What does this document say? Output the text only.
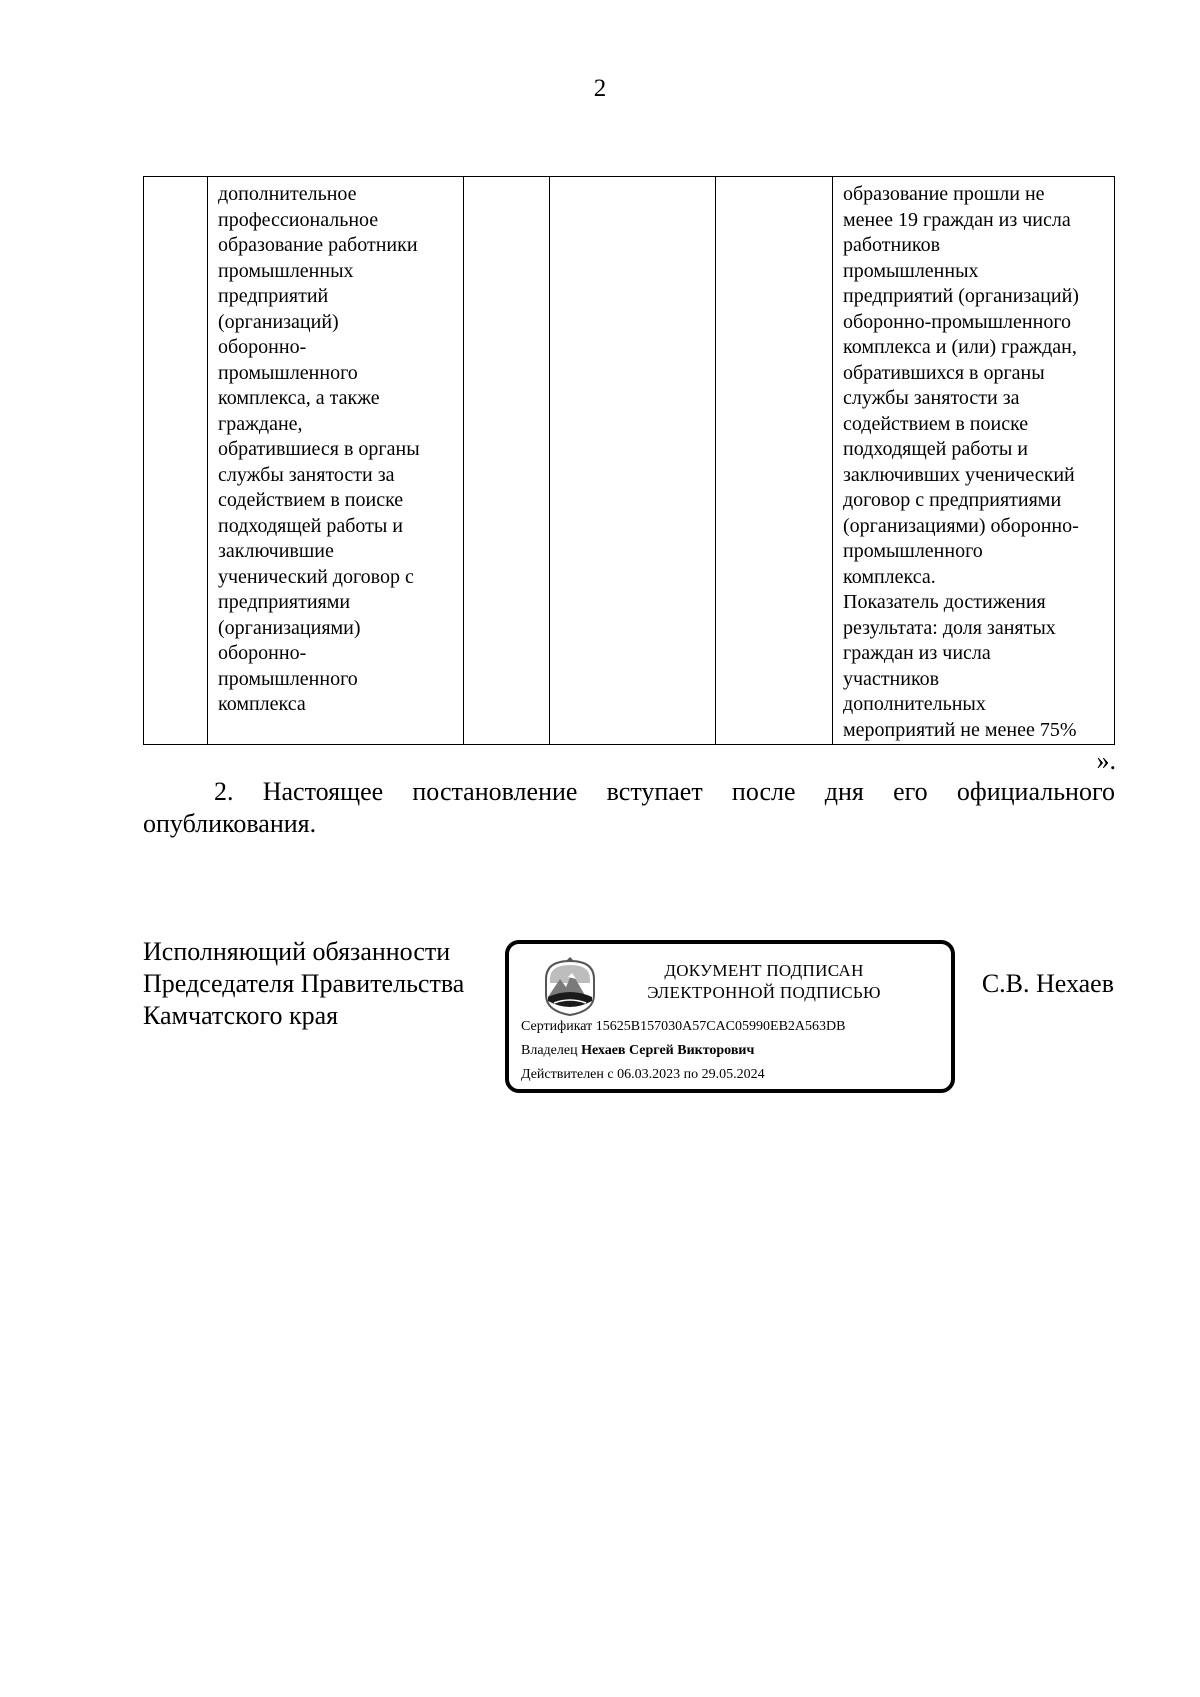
2
	дополнительное
профессиональное
образование работники
промышленных
предприятий
(организаций)
оборонно-
промышленного
комплекса, а также
граждане,
обратившиеся в органы
службы занятости за
содействием в поиске
подходящей работы и
заключившие
ученический договор с
предприятиями
(организациями)
оборонно-
промышленного
комплекса				образование прошли не
менее 19 граждан из числа
работников
промышленных
предприятий (организаций)
оборонно-промышленного
комплекса и (или) граждан,
обратившихся в органы
службы занятости за
содействием в поиске
подходящей работы и
заключивших ученический
договор с предприятиями
(организациями) оборонно-
промышленного
комплекса.
Показатель достижения
результата: доля занятых
граждан из числа
участников
дополнительных
мероприятий не менее 75%
».
2. Настоящее постановление вступает после дня его официального опубликования.
Исполняющий обязанности
Председателя Правительства
Камчатского края
ДОКУМЕНТ ПОДПИСАН
ЭЛЕКТРОННОЙ ПОДПИСЬЮ
Сертификат 15625B157030A57CAC05990EB2A563DB
Владелец Нехаев Сергей Викторович
Действителен с 06.03.2023 по 29.05.2024
С.В. Нехаев
